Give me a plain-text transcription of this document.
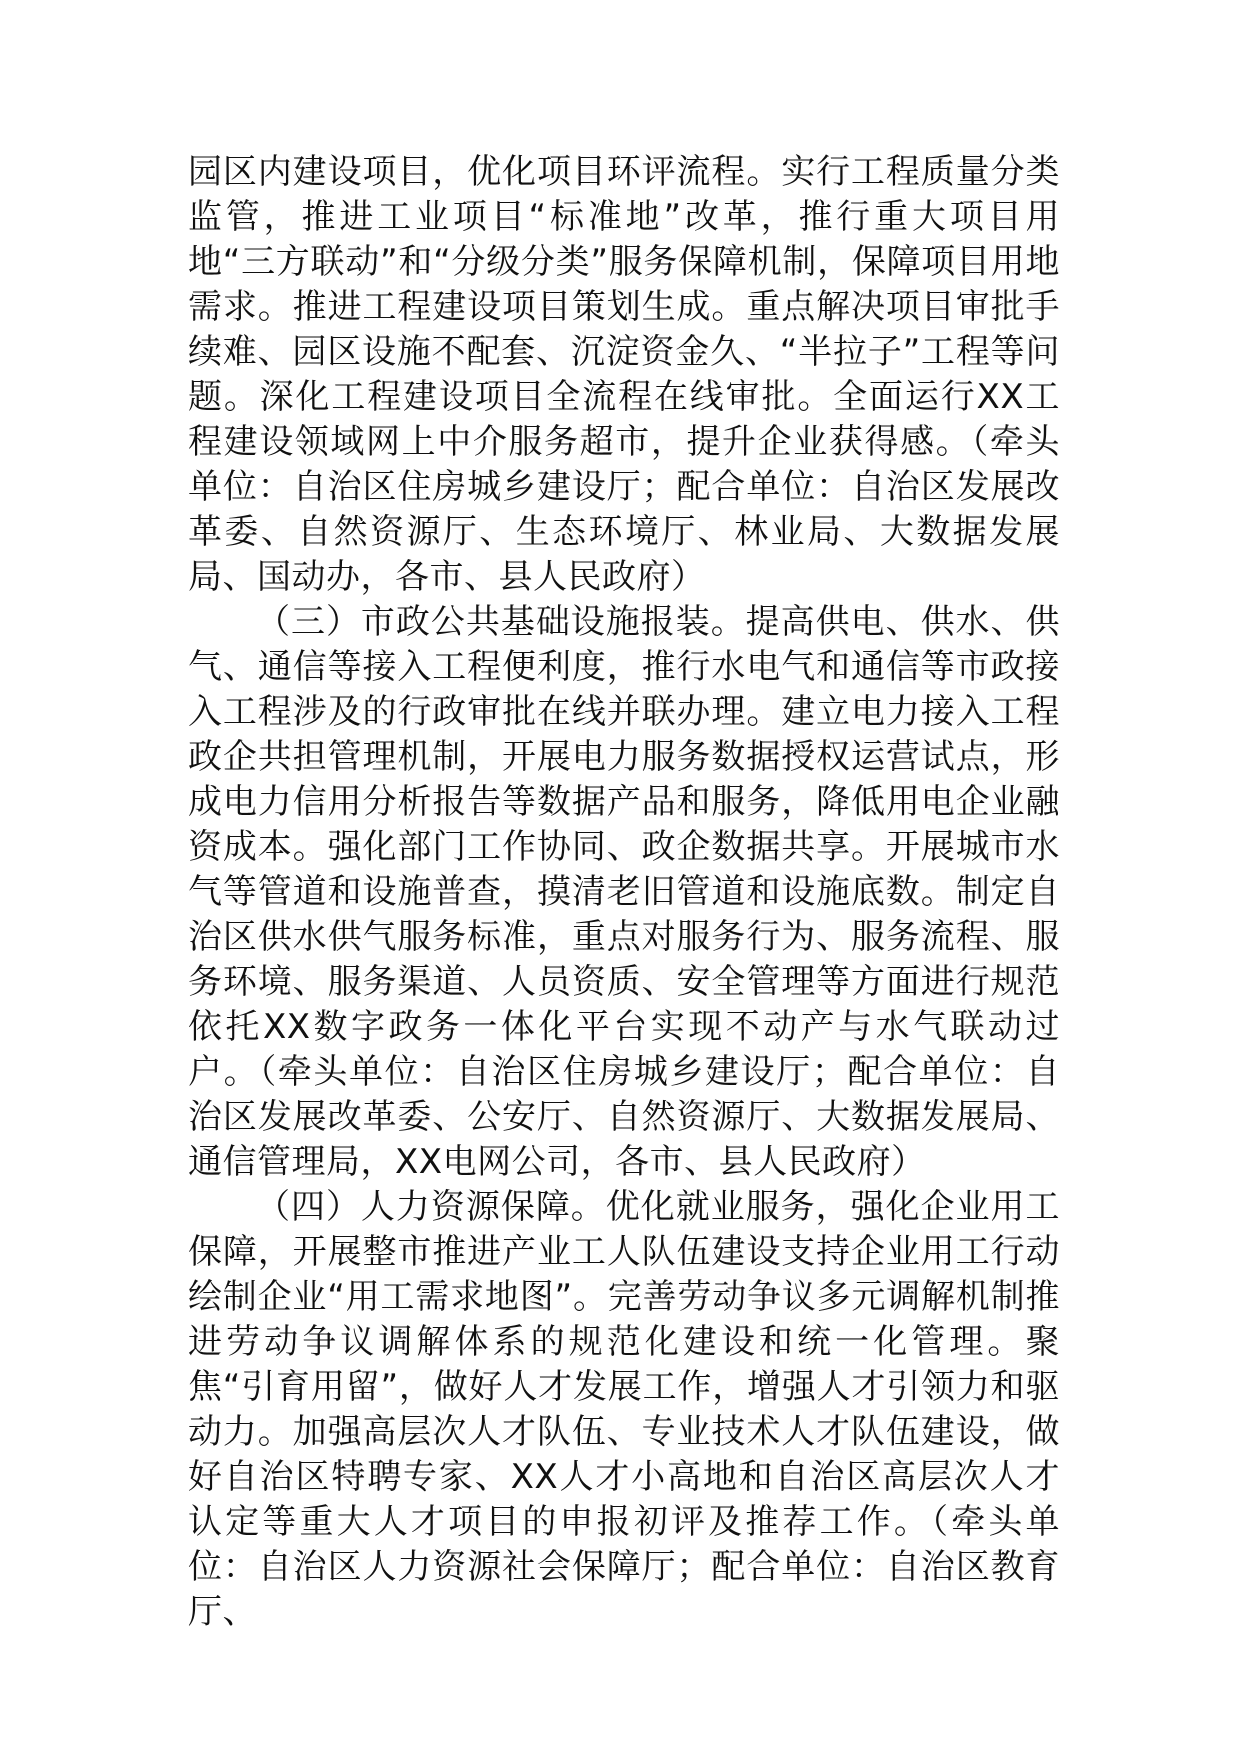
园区内建设项目，优化项目环评流程。实行工程质量分类监管，推进工业项目“标准地”改革，推行重大项目用地“三方联动”和“分级分类”服务保障机制，保障项目用地需求。推进工程建设项目策划生成。重点解决项目审批手续难、园区设施不配套、沉淀资金久、“半拉子”工程等问题。深化工程建设项目全流程在线审批。全面运行XX工程建设领域网上中介服务超市，提升企业获得感。（牵头单位：自治区住房城乡建设厅；配合单位：自治区发展改革委、自然资源厅、生态环境厅、林业局、大数据发展局、国动办，各市、县人民政府）

（三）市政公共基础设施报装。提高供电、供水、供气、通信等接入工程便利度，推行水电气和通信等市政接入工程涉及的行政审批在线并联办理。建立电力接入工程政企共担管理机制，开展电力服务数据授权运营试点，形成电力信用分析报告等数据产品和服务，降低用电企业融资成本。强化部门工作协同、政企数据共享。开展城市水气等管道和设施普查，摸清老旧管道和设施底数。制定自治区供水供气服务标准，重点对服务行为、服务流程、服务环境、服务渠道、人员资质、安全管理等方面进行规范依托XX数字政务一体化平台实现不动产与水气联动过户。（牵头单位：自治区住房城乡建设厅；配合单位：自治区发展改革委、公安厅、自然资源厅、大数据发展局、通信管理局，XX电网公司，各市、县人民政府）

（四）人力资源保障。优化就业服务，强化企业用工保障，开展整市推进产业工人队伍建设支持企业用工行动绘制企业“用工需求地图”。完善劳动争议多元调解机制推进劳动争议调解体系的规范化建设和统一化管理。聚焦“引育用留”，做好人才发展工作，增强人才引领力和驱动力。加强高层次人才队伍、专业技术人才队伍建设，做好自治区特聘专家、XX人才小高地和自治区高层次人才认定等重大人才项目的申报初评及推荐工作。（牵头单位：自治区人力资源社会保障厅；配合单位：自治区教育厅、
